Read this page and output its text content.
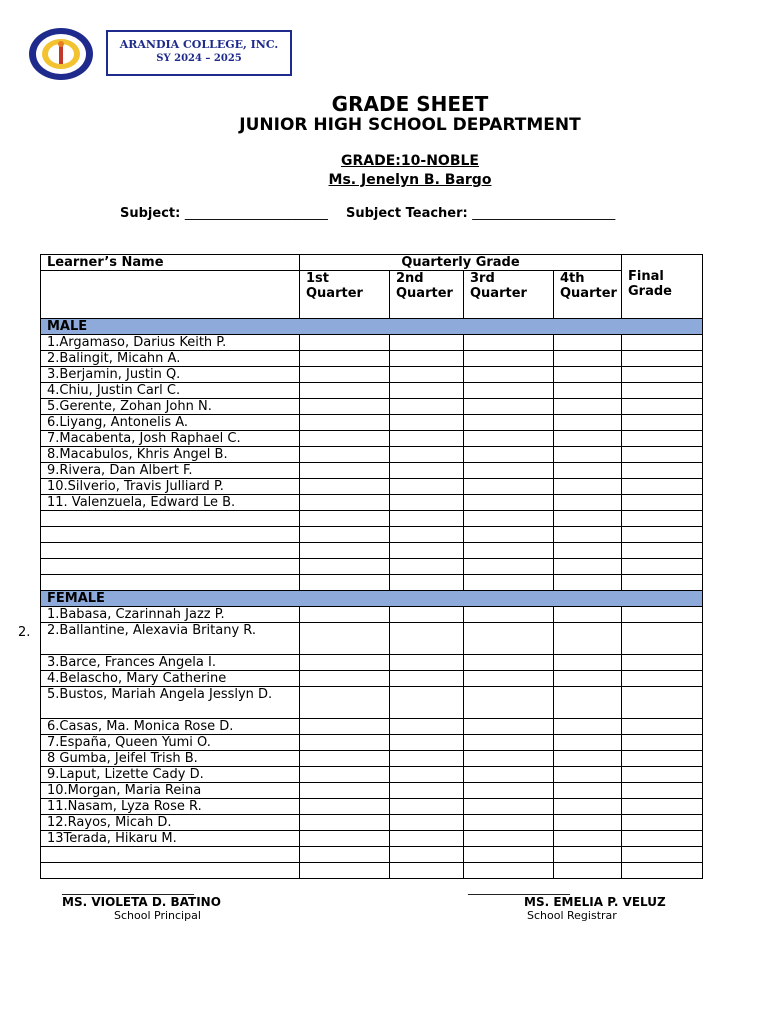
ARANDIA COLLEGE, INC.
SY 2024 – 2025
GRADE SHEET
JUNIOR HIGH SCHOOL DEPARTMENT
GRADE:10-NOBLE
Ms. Jenelyn B. Bargo
Subject: ______________________ Subject Teacher: ______________________
Learner’s Name	Quarterly Grade				Final Grade
	1st Quarter	2nd Quarter	3rd Quarter	4th Quarter	
MALE					
1.Argamaso, Darius Keith P.					
2.Balingit, Micahn A.					
3.Berjamin, Justin Q.					
4.Chiu, Justin Carl C.					
5.Gerente, Zohan John N.					
6.Liyang, Antonelis A.					
7.Macabenta, Josh Raphael C.					
8.Macabulos, Khris Angel B.					
9.Rivera, Dan Albert F.					
10.Silverio, Travis Julliard P.					
11. Valenzuela, Edward Le B.					

FEMALE					
1.Babasa, Czarinnah Jazz P.					
2.Ballantine, Alexavia Britany R.					
3.Barce, Frances Angela I.					
4.Belascho, Mary Catherine					
5.Bustos, Mariah Angela Jesslyn D.					
6.Casas, Ma. Monica Rose D.					
7.España, Queen Yumi O.					
8 Gumba, Jeifel Trish B.					
9.Laput, Lizette Cady D.					
10.Morgan, Maria Reina					
11.Nasam, Lyza Rose R.					
12.Rayos, Micah D.					
13Terada, Hikaru M.					

2.
______________________
MS. VIOLETA D. BATINO
School Principal
_________________
MS. EMELIA P. VELUZ
School Registrar
